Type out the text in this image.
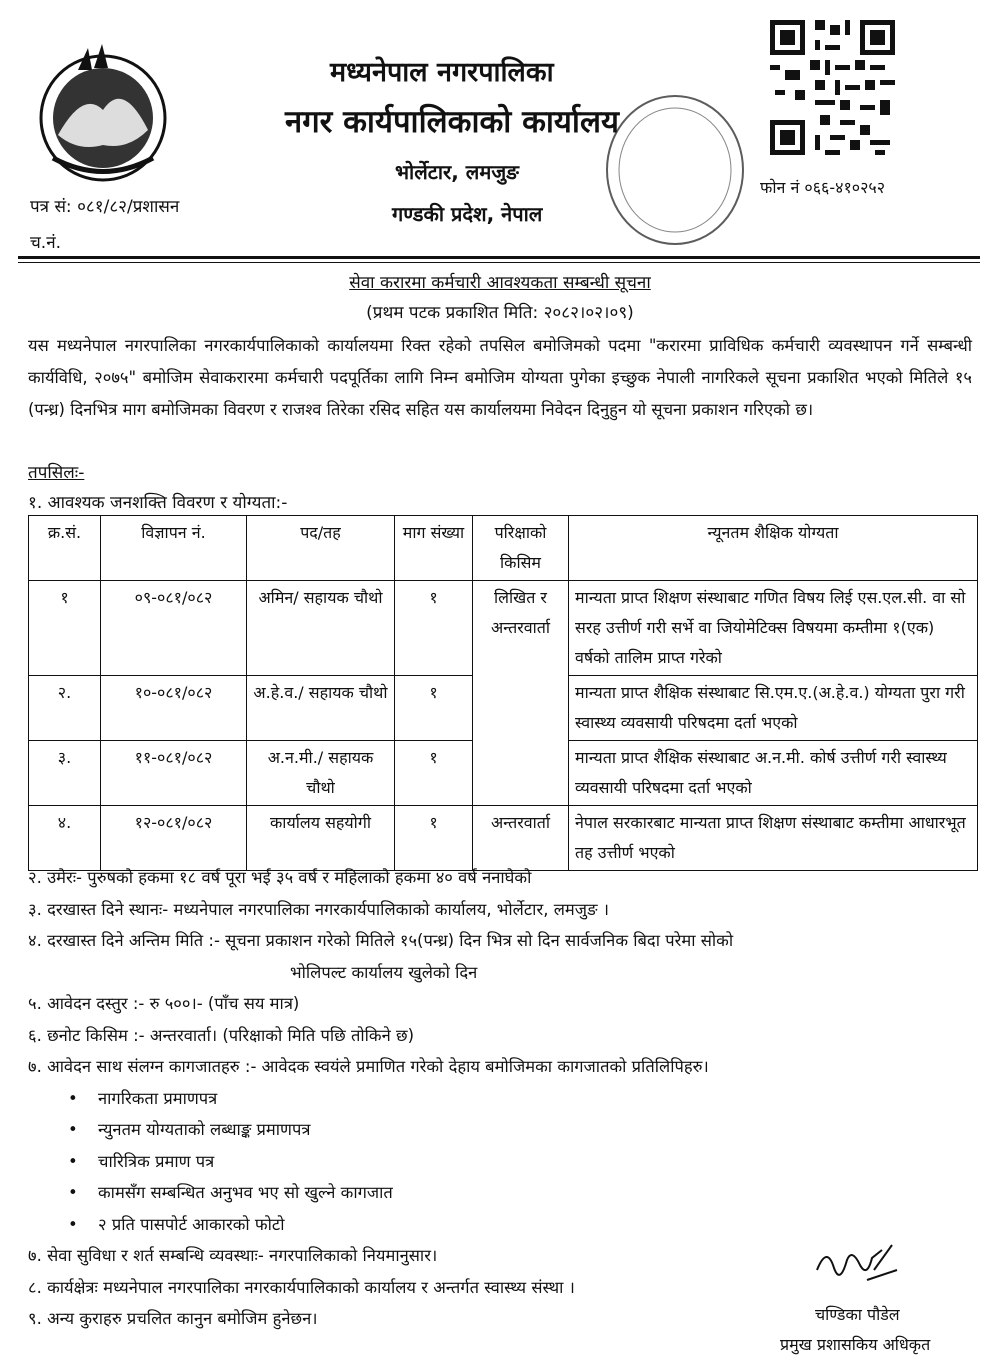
मध्यनेपाल नगरपालिका
नगर कार्यपालिकाको कार्यालय
भोर्लेटार, लमजुङ
गण्डकी प्रदेश, नेपाल
पत्र सं: ०८१/८२/प्रशासन
च.नं.
फोन नं ०६६-४१०२५२
सेवा करारमा कर्मचारी आवश्यकता सम्बन्धी सूचना
(प्रथम पटक प्रकाशित मिति: २०८२।०२।०९)
यस मध्यनेपाल नगरपालिका नगरकार्यपालिकाको कार्यालयमा रिक्त रहेको तपसिल बमोजिमको पदमा "करारमा प्राविधिक कर्मचारी व्यवस्थापन गर्ने सम्बन्धी कार्यविधि, २०७५" बमोजिम सेवाकरारमा कर्मचारी पदपूर्तिका लागि निम्न बमोजिम योग्यता पुगेका इच्छुक नेपाली नागरिकले सूचना प्रकाशित भएको मितिले १५ (पन्ध्र) दिनभित्र माग बमोजिमका विवरण र राजश्व तिरेका रसिद सहित यस कार्यालयमा निवेदन दिनुहुन यो सूचना प्रकाशन गरिएको छ।
तपसिलः-
१. आवश्यक जनशक्ति विवरण र योग्यता:-
क्र.सं.	विज्ञापन नं.	पद/तह	माग संख्या	परिक्षाको किसिम	न्यूनतम शैक्षिक योग्यता
१	०९-०८१/०८२	अमिन/ सहायक चौथो	१	लिखित र अन्तरवार्ता	मान्यता प्राप्त शिक्षण संस्थाबाट गणित विषय लिई एस.एल.सी. वा सो सरह उत्तीर्ण गरी सर्भे वा जियोमेटिक्स विषयमा कम्तीमा १(एक) वर्षको तालिम प्राप्त गरेको
२.	१०-०८१/०८२	अ.हे.व./ सहायक चौथो	१		मान्यता प्राप्त शैक्षिक संस्थाबाट सि.एम.ए.(अ.हे.व.) योग्यता पुरा गरी स्वास्थ्य व्यवसायी परिषदमा दर्ता भएको
३.	११-०८१/०८२	अ.न.मी./ सहायक चौथो	१		मान्यता प्राप्त शैक्षिक संस्थाबाट अ.न.मी. कोर्ष उत्तीर्ण गरी स्वास्थ्य व्यवसायी परिषदमा दर्ता भएको
४.	१२-०८१/०८२	कार्यालय सहयोगी	१	अन्तरवार्ता	नेपाल सरकारबाट मान्यता प्राप्त शिक्षण संस्थाबाट कम्तीमा आधारभूत तह उत्तीर्ण भएको
२. उमेरः- पुरुषको हकमा १८ वर्ष पूरा भई ३५ वर्ष र महिलाको हकमा ४० वर्ष ननाघेको
३. दरखास्त दिने स्थानः- मध्यनेपाल नगरपालिका नगरकार्यपालिकाको कार्यालय, भोर्लेटार, लमजुङ ।
४. दरखास्त दिने अन्तिम मिति :- सूचना प्रकाशन गरेको मितिले १५(पन्ध्र) दिन भित्र सो दिन सार्वजनिक बिदा परेमा सोको
भोलिपल्ट कार्यालय खुलेको दिन
५. आवेदन दस्तुर :- रु ५००।- (पाँच सय मात्र)
६. छनोट किसिम :- अन्तरवार्ता। (परिक्षाको मिति पछि तोकिने छ)
७. आवेदन साथ संलग्न कागजातहरु :- आवेदक स्वयंले प्रमाणित गरेको देहाय बमोजिमका कागजातको प्रतिलिपिहरु।
• नागरिकता प्रमाणपत्र
• न्युनतम योग्यताको लब्धाङ्क प्रमाणपत्र
• चारित्रिक प्रमाण पत्र
• कामसँग सम्बन्धित अनुभव भए सो खुल्ने कागजात
• २ प्रति पासपोर्ट आकारको फोटो
७. सेवा सुविधा र शर्त सम्बन्धि व्यवस्थाः- नगरपालिकाको नियमानुसार।
८. कार्यक्षेत्रः मध्यनेपाल नगरपालिका नगरकार्यपालिकाको कार्यालय र अन्तर्गत स्वास्थ्य संस्था ।
९. अन्य कुराहरु प्रचलित कानुन बमोजिम हुनेछन।	चण्डिका पौडेल
प्रमुख प्रशासकिय अधिकृत
